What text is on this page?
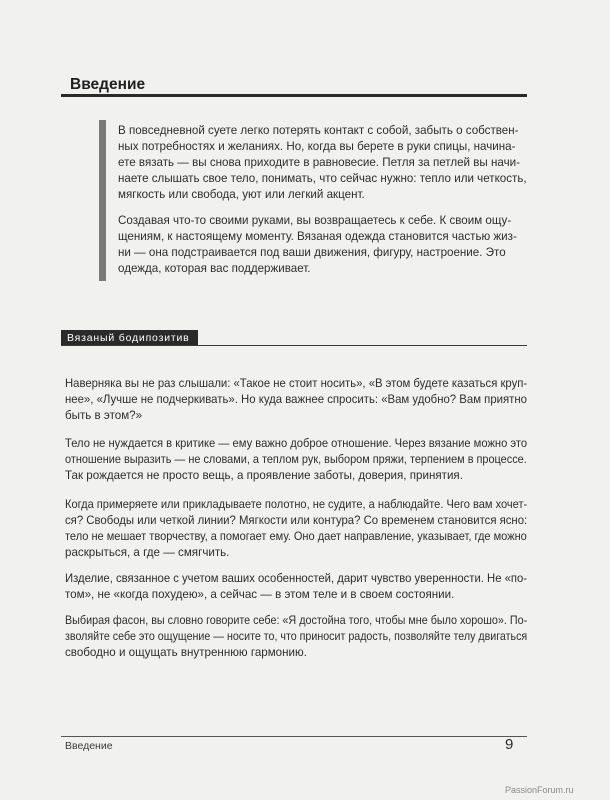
Введение

В повседневной суете легко потерять контакт с собой, забыть о собствен-
ных потребностях и желаниях. Но, когда вы берете в руки спицы, начина-
ете вязать — вы снова приходите в равновесие. Петля за петлей вы начи-
наете слышать свое тело, понимать, что сейчас нужно: тепло или четкость,
мягкость или свобода, уют или легкий акцент.

Создавая что-то своими руками, вы возвращаетесь к себе. К своим ощу-
щениям, к настоящему моменту. Вязаная одежда становится частью жиз-
ни — она подстраивается под ваши движения, фигуру, настроение. Это
одежда, которая вас поддерживает.

Вязаный бодипозитив

Наверняка вы не раз слышали: «Такое не стоит носить», «В этом будете казаться круп-
нее», «Лучше не подчеркивать». Но куда важнее спросить: «Вам удобно? Вам приятно
быть в этом?»

Тело не нуждается в критике — ему важно доброе отношение. Через вязание можно это
отношение выразить — не словами, а теплом рук, выбором пряжи, терпением в процессе.
Так рождается не просто вещь, а проявление заботы, доверия, принятия.

Когда примеряете или прикладываете полотно, не судите, а наблюдайте. Чего вам хочет-
ся? Свободы или четкой линии? Мягкости или контура? Со временем становится ясно:
тело не мешает творчеству, а помогает ему. Оно дает направление, указывает, где можно
раскрыться, а где — смягчить.

Изделие, связанное с учетом ваших особенностей, дарит чувство уверенности. Не «по-
том», не «когда похудею», а сейчас — в этом теле и в своем состоянии.

Выбирая фасон, вы словно говорите себе: «Я достойна того, чтобы мне было хорошо». По-
зволяйте себе это ощущение — носите то, что приносит радость, позволяйте телу двигаться
свободно и ощущать внутреннюю гармонию.

Введение	9
PassionForum.ru
